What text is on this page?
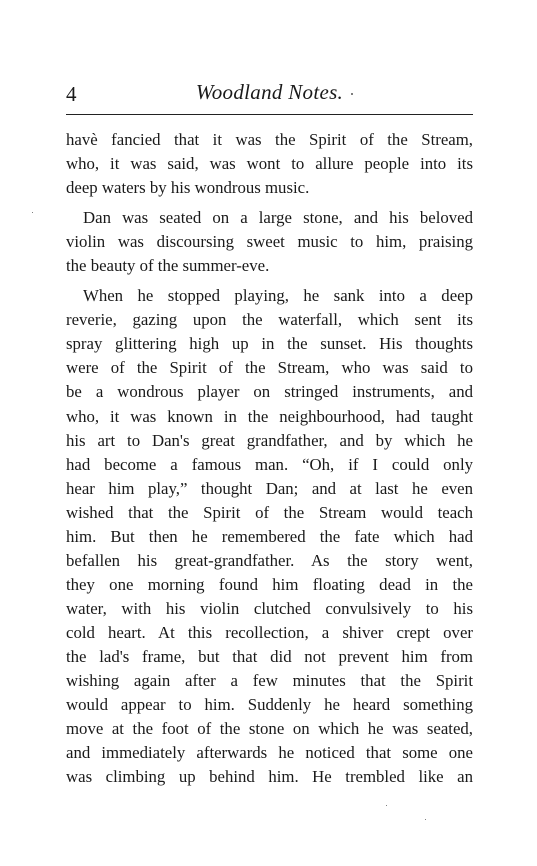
4	Woodland Notes.
havè fancied that it was the Spirit of the Stream,
who, it was said, was wont to allure people into its
deep waters by his wondrous music.
Dan was seated on a large stone, and his beloved
violin was discoursing sweet music to him, praising
the beauty of the summer-eve.
When he stopped playing, he sank into a deep
reverie, gazing upon the waterfall, which sent its
spray glittering high up in the sunset. His thoughts
were of the Spirit of the Stream, who was said to
be a wondrous player on stringed instruments, and
who, it was known in the neighbourhood, had taught
his art to Dan's great grandfather, and by which he
had become a famous man. “Oh, if I could only
hear him play,” thought Dan; and at last he even
wished that the Spirit of the Stream would teach
him. But then he remembered the fate which had
befallen his great-grandfather. As the story went,
they one morning found him floating dead in the
water, with his violin clutched convulsively to his
cold heart. At this recollection, a shiver crept over
the lad's frame, but that did not prevent him from
wishing again after a few minutes that the Spirit
would appear to him. Suddenly he heard something
move at the foot of the stone on which he was seated,
and immediately afterwards he noticed that some one
was climbing up behind him. He trembled like an
